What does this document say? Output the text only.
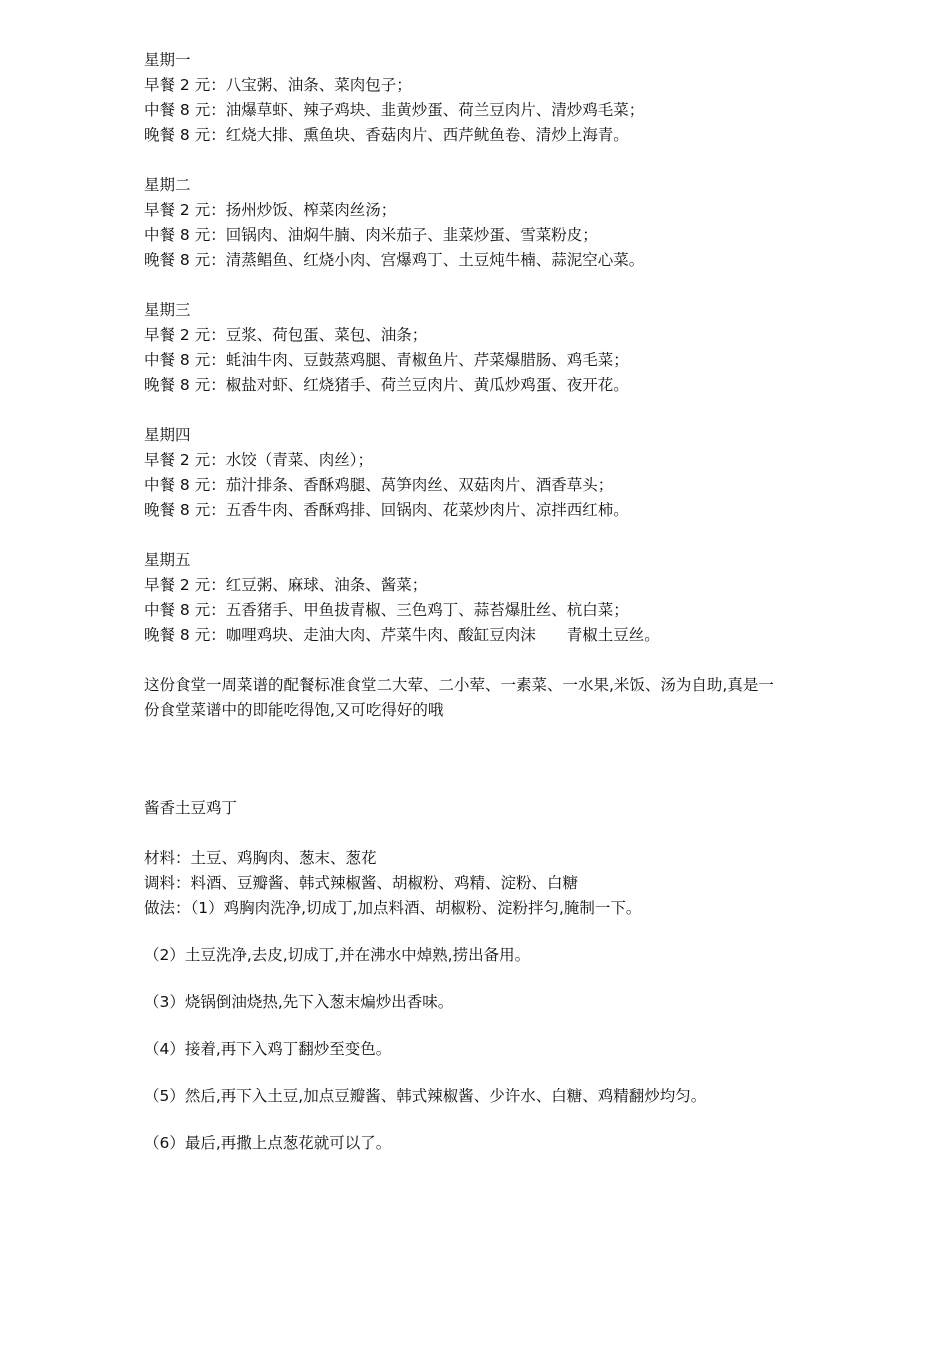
星期一
早餐 2 元：八宝粥、油条、菜肉包子；
中餐 8 元：油爆草虾、辣子鸡块、韭黄炒蛋、荷兰豆肉片、清炒鸡毛菜；
晚餐 8 元：红烧大排、熏鱼块、香菇肉片、西芹鱿鱼卷、清炒上海青。
星期二
早餐 2 元：扬州炒饭、榨菜肉丝汤；
中餐 8 元：回锅肉、油焖牛腩、肉米茄子、韭菜炒蛋、雪菜粉皮；
晚餐 8 元：清蒸鲳鱼、红烧小肉、宫爆鸡丁、土豆炖牛楠、蒜泥空心菜。
星期三
早餐 2 元：豆浆、荷包蛋、菜包、油条；
中餐 8 元：蚝油牛肉、豆鼓蒸鸡腿、青椒鱼片、芹菜爆腊肠、鸡毛菜；
晚餐 8 元：椒盐对虾、红烧猪手、荷兰豆肉片、黄瓜炒鸡蛋、夜开花。
星期四
早餐 2 元：水饺（青菜、肉丝）；
中餐 8 元：茄汁排条、香酥鸡腿、莴笋肉丝、双菇肉片、酒香草头；
晚餐 8 元：五香牛肉、香酥鸡排、回锅肉、花菜炒肉片、凉拌西红柿。
星期五
早餐 2 元：红豆粥、麻球、油条、酱菜；
中餐 8 元：五香猪手、甲鱼拔青椒、三色鸡丁、蒜苔爆肚丝、杭白菜；
晚餐 8 元：咖哩鸡块、走油大肉、芹菜牛肉、酸缸豆肉沫　　青椒土豆丝。
这份食堂一周菜谱的配餐标准食堂二大荤、二小荤、一素菜、一水果,米饭、汤为自助,真是一份食堂菜谱中的即能吃得饱,又可吃得好的哦
酱香土豆鸡丁
材料：土豆、鸡胸肉、葱末、葱花
调料：料酒、豆瓣酱、韩式辣椒酱、胡椒粉、鸡精、淀粉、白糖
做法：（1）鸡胸肉洗净,切成丁,加点料酒、胡椒粉、淀粉拌匀,腌制一下。
（2）土豆洗净,去皮,切成丁,并在沸水中焯熟,捞出备用。
（3）烧锅倒油烧热,先下入葱末煸炒出香味。
（4）接着,再下入鸡丁翻炒至变色。
（5）然后,再下入土豆,加点豆瓣酱、韩式辣椒酱、少许水、白糖、鸡精翻炒均匀。
（6）最后,再撒上点葱花就可以了。
